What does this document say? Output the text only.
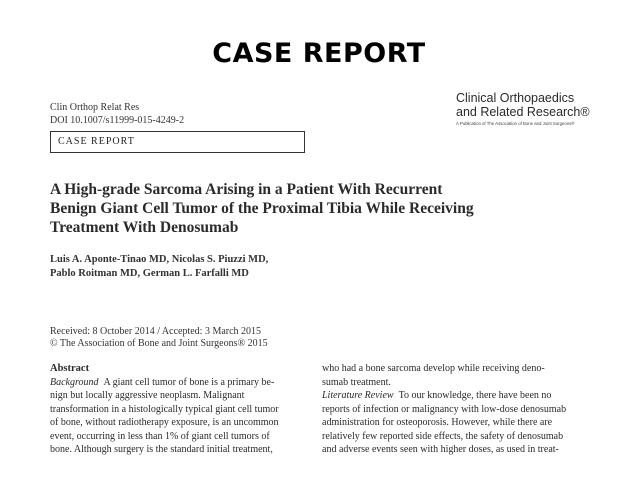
CASE REPORT
Clin Orthop Relat Res
DOI 10.1007/s11999-015-4249-2
Clinical Orthopaedics
and Related Research®
A Publication of The Association of Bone and Joint Surgeons®
CASE REPORT
A High-grade Sarcoma Arising in a Patient With Recurrent
Benign Giant Cell Tumor of the Proximal Tibia While Receiving
Treatment With Denosumab

Luis A. Aponte-Tinao MD, Nicolas S. Piuzzi MD,
Pablo Roitman MD, German L. Farfalli MD

Received: 8 October 2014 / Accepted: 3 March 2015
© The Association of Bone and Joint Surgeons® 2015
Abstract
Background A giant cell tumor of bone is a primary be-
nign but locally aggressive neoplasm. Malignant
transformation in a histologically typical giant cell tumor
of bone, without radiotherapy exposure, is an uncommon
event, occurring in less than 1% of giant cell tumors of
bone. Although surgery is the standard initial treatment,
who had a bone sarcoma develop while receiving deno-
sumab treatment.
Literature Review To our knowledge, there have been no
reports of infection or malignancy with low-dose denosumab
administration for osteoporosis. However, while there are
relatively few reported side effects, the safety of denosumab
and adverse events seen with higher doses, as used in treat-
